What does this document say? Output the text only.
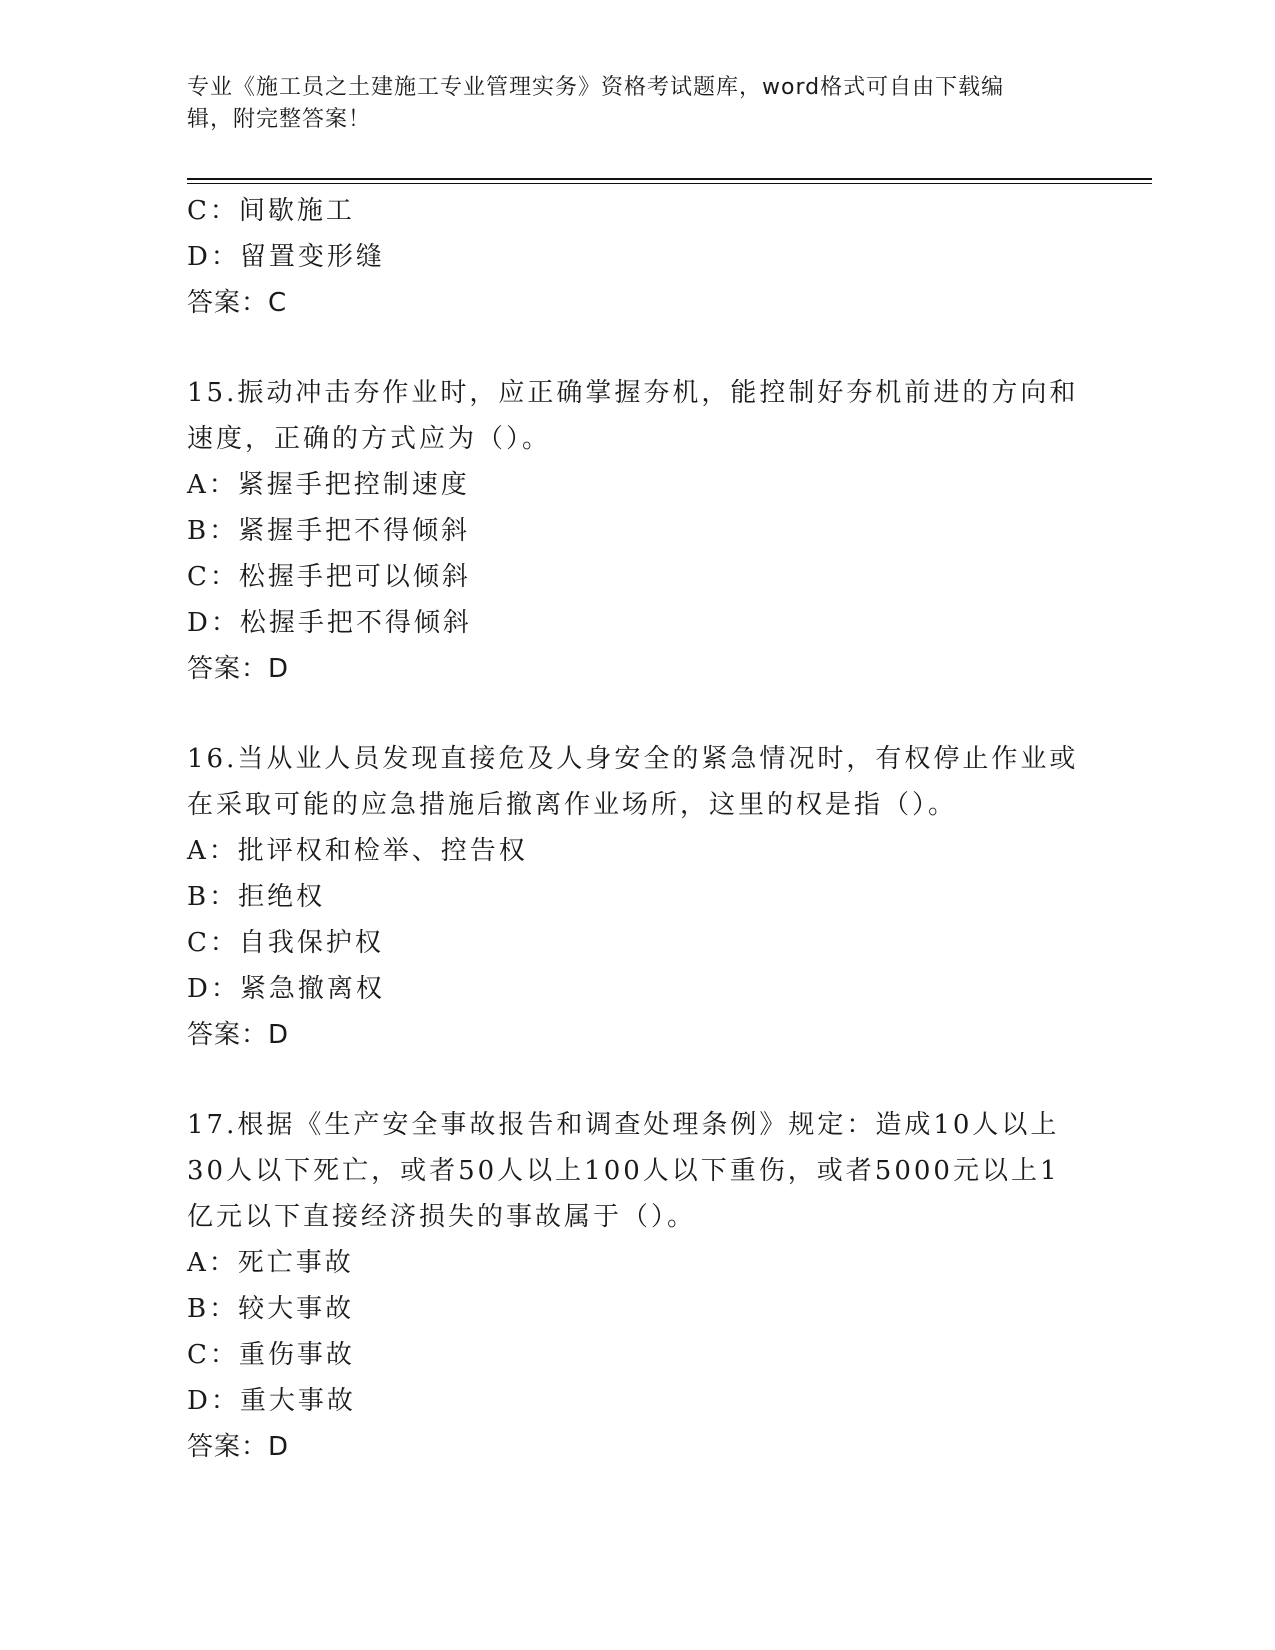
专业《施工员之土建施工专业管理实务》资格考试题库，word格式可自由下载编
辑，附完整答案！
C：间歇施工
D：留置变形缝
答案：C
15.振动冲击夯作业时，应正确掌握夯机，能控制好夯机前进的方向和
速度，正确的方式应为（）。
A：紧握手把控制速度
B：紧握手把不得倾斜
C：松握手把可以倾斜
D：松握手把不得倾斜
答案：D
16.当从业人员发现直接危及人身安全的紧急情况时，有权停止作业或
在采取可能的应急措施后撤离作业场所，这里的权是指（）。
A：批评权和检举、控告权
B：拒绝权
C：自我保护权
D：紧急撤离权
答案：D
17.根据《生产安全事故报告和调查处理条例》规定：造成10人以上
30人以下死亡，或者50人以上100人以下重伤，或者5000元以上1
亿元以下直接经济损失的事故属于（）。
A：死亡事故
B：较大事故
C：重伤事故
D：重大事故
答案：D
